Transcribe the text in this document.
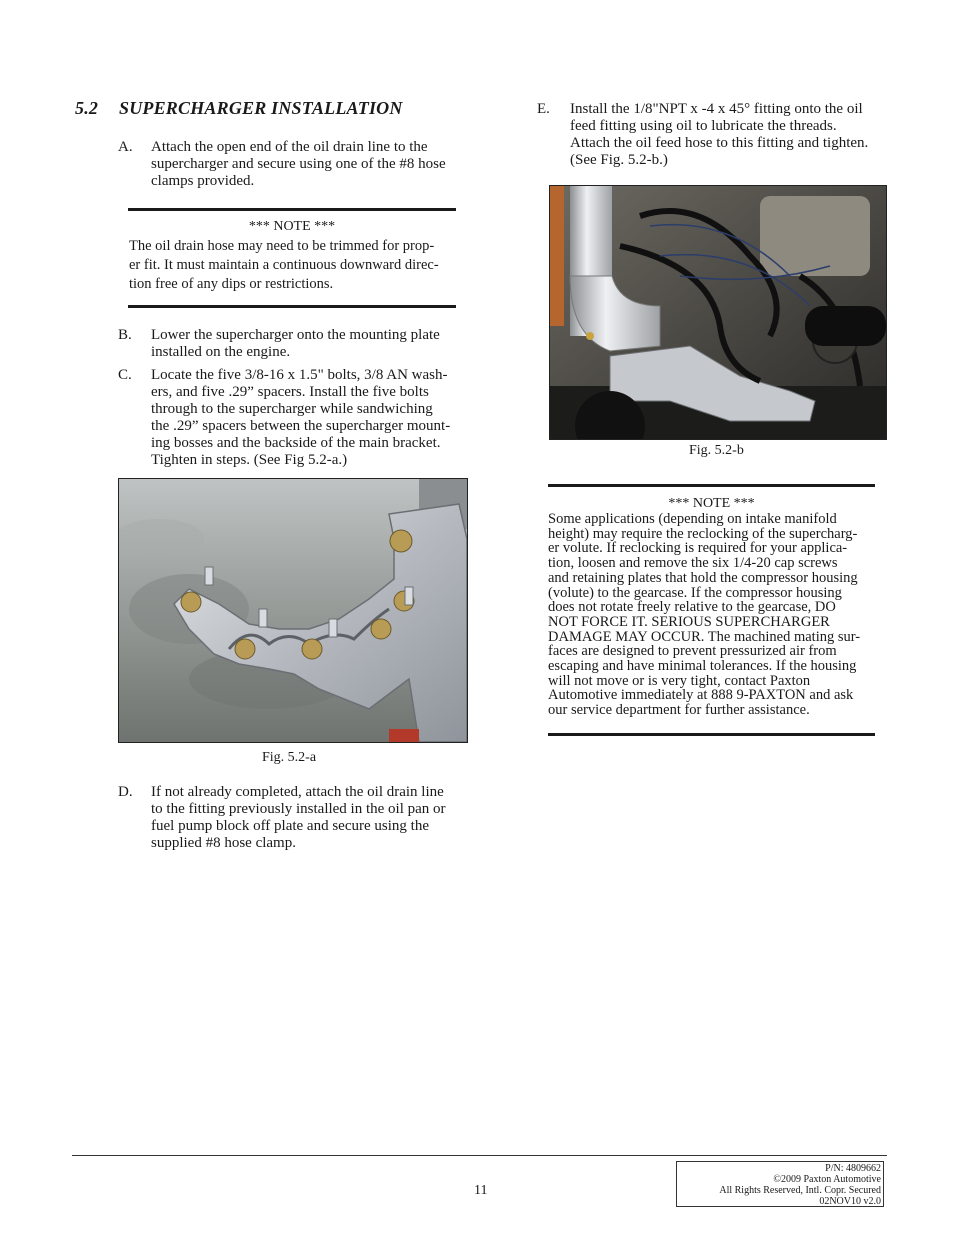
5.2 SUPERCHARGER INSTALLATION
A. Attach the open end of the oil drain line to the
supercharger and secure using one of the #8 hose
clamps provided.
*** NOTE ***
The oil drain hose may need to be trimmed for prop-
er fit. It must maintain a continuous downward direc-
tion free of any dips or restrictions.
B. Lower the supercharger onto the mounting plate
installed on the engine.
C. Locate the five 3/8-16 x 1.5" bolts, 3/8 AN wash-
ers, and five .29” spacers. Install the five bolts
through to the supercharger while sandwiching
the .29” spacers between the supercharger mount-
ing bosses and the backside of the main bracket.
Tighten in steps. (See Fig 5.2-a.)
Fig. 5.2-a
D. If not already completed, attach the oil drain line
to the fitting previously installed in the oil pan or
fuel pump block off plate and secure using the
supplied #8 hose clamp.
E. Install the 1/8"NPT x -4 x 45° fitting onto the oil
feed fitting using oil to lubricate the threads.
Attach the oil feed hose to this fitting and tighten.
(See Fig. 5.2-b.)
Fig. 5.2-b
*** NOTE ***
Some applications (depending on intake manifold
height) may require the reclocking of the supercharg-
er volute. If reclocking is required for your applica-
tion, loosen and remove the six 1/4-20 cap screws
and retaining plates that hold the compressor housing
(volute) to the gearcase. If the compressor housing
does not rotate freely relative to the gearcase, DO
NOT FORCE IT. SERIOUS SUPERCHARGER
DAMAGE MAY OCCUR. The machined mating sur-
faces are designed to prevent pressurized air from
escaping and have minimal tolerances. If the housing
will not move or is very tight, contact Paxton
Automotive immediately at 888 9-PAXTON and ask
our service department for further assistance.
11
P/N: 4809662
©2009 Paxton Automotive
All Rights Reserved, Intl. Copr. Secured
02NOV10 v2.0
